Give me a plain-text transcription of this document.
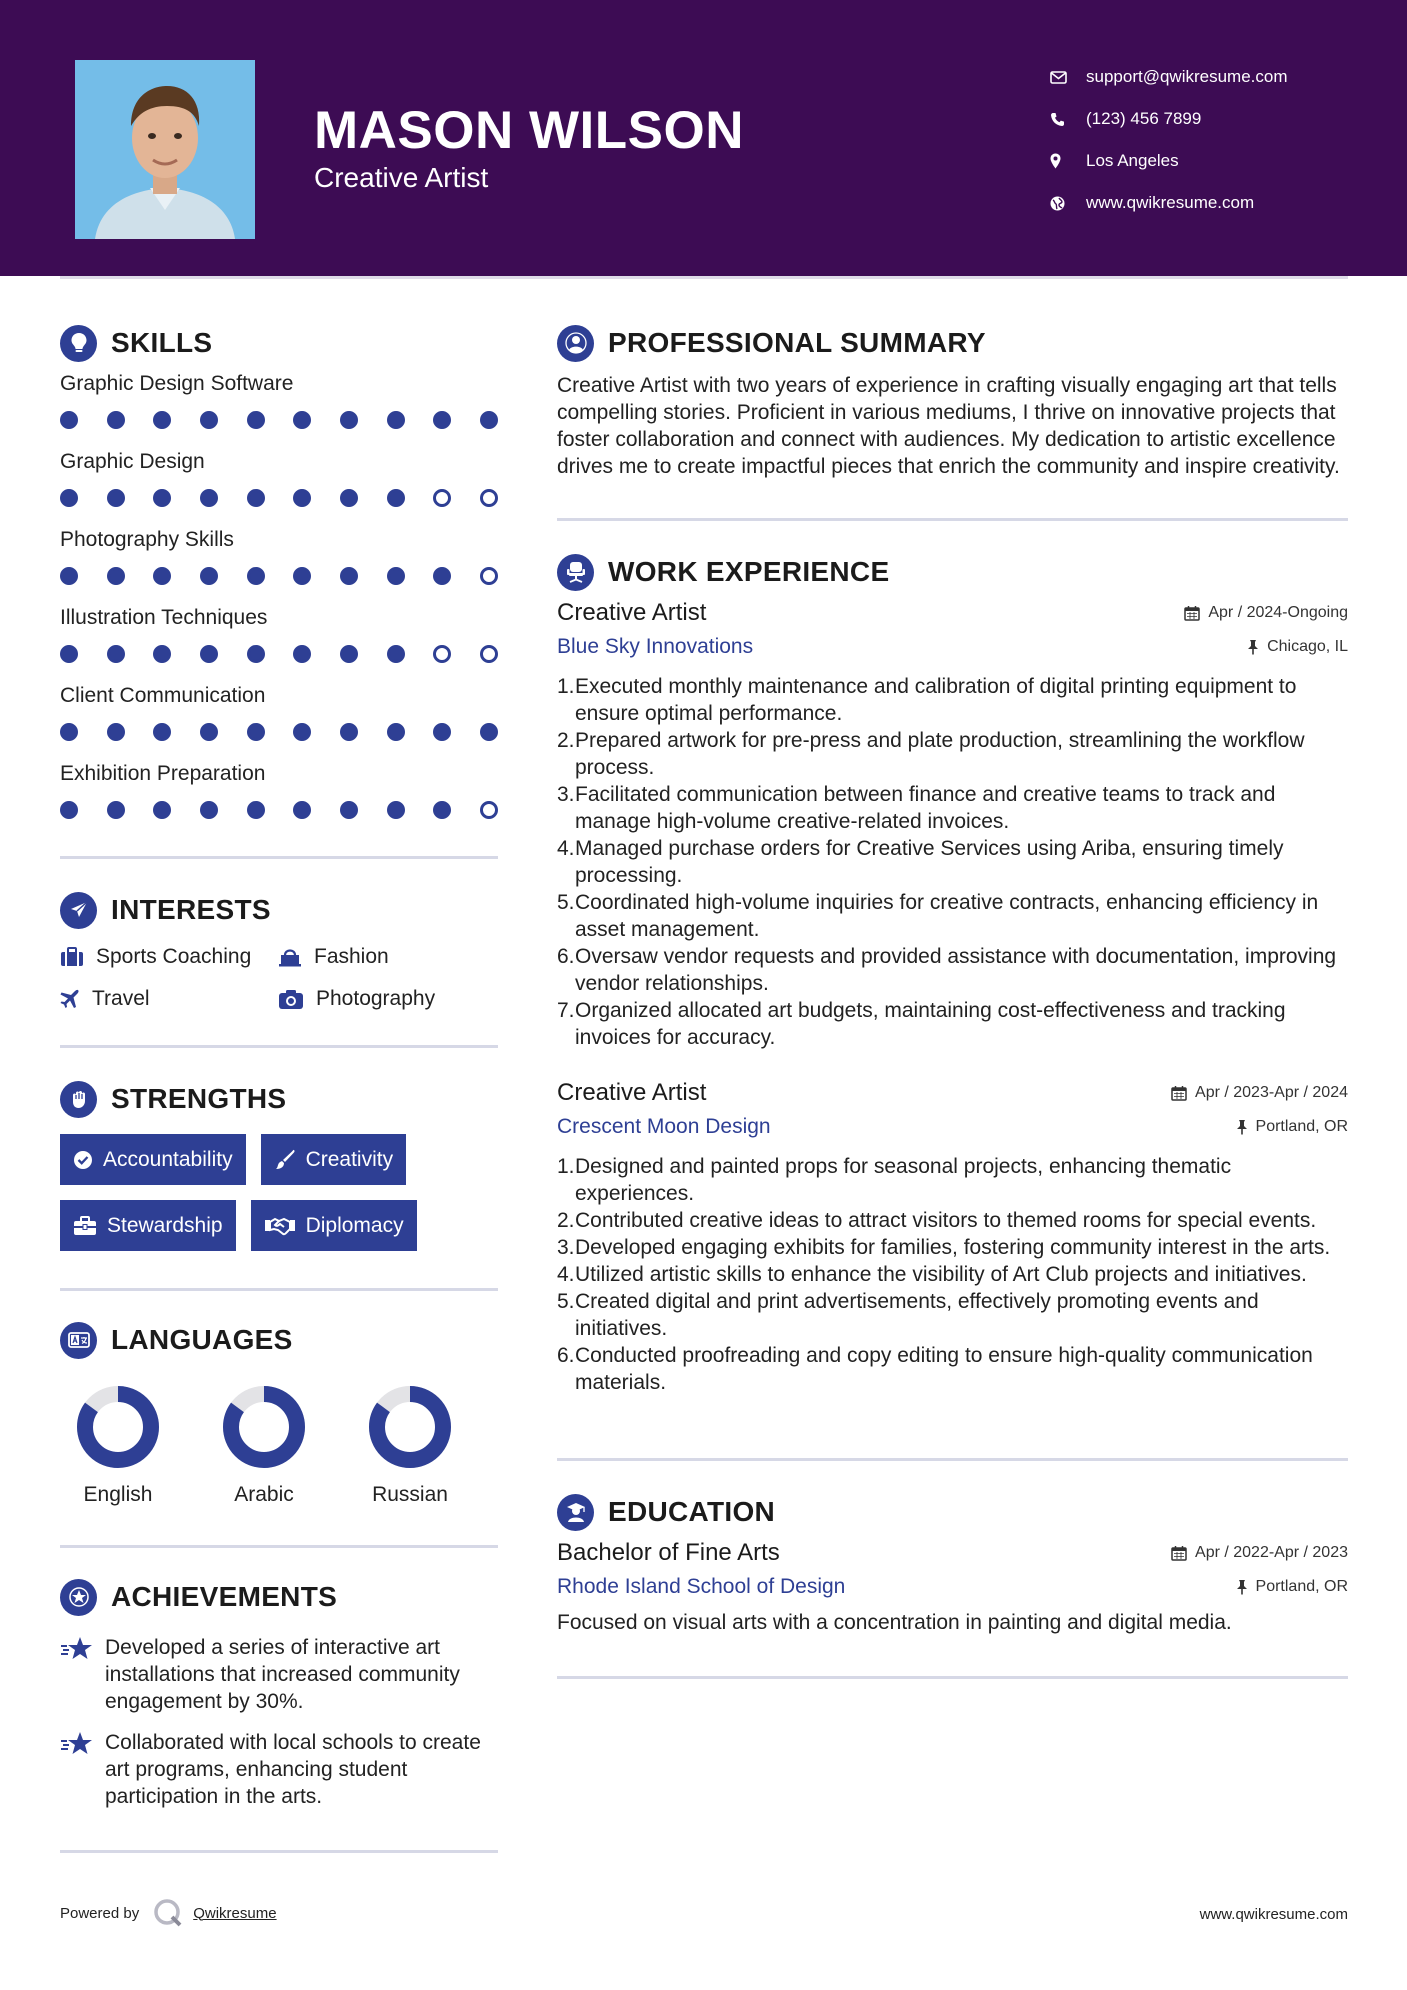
MASON WILSON
Creative Artist
support@qwikresume.com
(123) 456 7899
Los Angeles
www.qwikresume.com
SKILLS
Graphic Design Software
Graphic Design
Photography Skills
Illustration Techniques
Client Communication
Exhibition Preparation
INTERESTS
Sports Coaching	Fashion
Travel	Photography
STRENGTHS
Accountability	Creativity
Stewardship	Diplomacy
LANGUAGES
English	Arabic	Russian
ACHIEVEMENTS
Developed a series of interactive art installations that increased community engagement by 30%.
Collaborated with local schools to create art programs, enhancing student participation in the arts.
PROFESSIONAL SUMMARY

Creative Artist with two years of experience in crafting visually engaging art that tells compelling stories. Proficient in various mediums, I thrive on innovative projects that foster collaboration and connect with audiences. My dedication to artistic excellence drives me to create impactful pieces that enrich the community and inspire creativity.

WORK EXPERIENCE
Creative Artist	Apr / 2024-Ongoing
Blue Sky Innovations	Chicago, IL
1. Executed monthly maintenance and calibration of digital printing equipment to ensure optimal performance.
2. Prepared artwork for pre-press and plate production, streamlining the workflow process.
3. Facilitated communication between finance and creative teams to track and manage high-volume creative-related invoices.
4. Managed purchase orders for Creative Services using Ariba, ensuring timely processing.
5. Coordinated high-volume inquiries for creative contracts, enhancing efficiency in asset management.
6. Oversaw vendor requests and provided assistance with documentation, improving vendor relationships.
7. Organized allocated art budgets, maintaining cost-effectiveness and tracking invoices for accuracy.
Creative Artist	Apr / 2023-Apr / 2024
Crescent Moon Design	Portland, OR
1. Designed and painted props for seasonal projects, enhancing thematic experiences.
2. Contributed creative ideas to attract visitors to themed rooms for special events.
3. Developed engaging exhibits for families, fostering community interest in the arts.
4. Utilized artistic skills to enhance the visibility of Art Club projects and initiatives.
5. Created digital and print advertisements, effectively promoting events and initiatives.
6. Conducted proofreading and copy editing to ensure high-quality communication materials.
EDUCATION
Bachelor of Fine Arts	Apr / 2022-Apr / 2023
Rhode Island School of Design	Portland, OR

Focused on visual arts with a concentration in painting and digital media.

Powered by	Qwikresume	www.qwikresume.com
